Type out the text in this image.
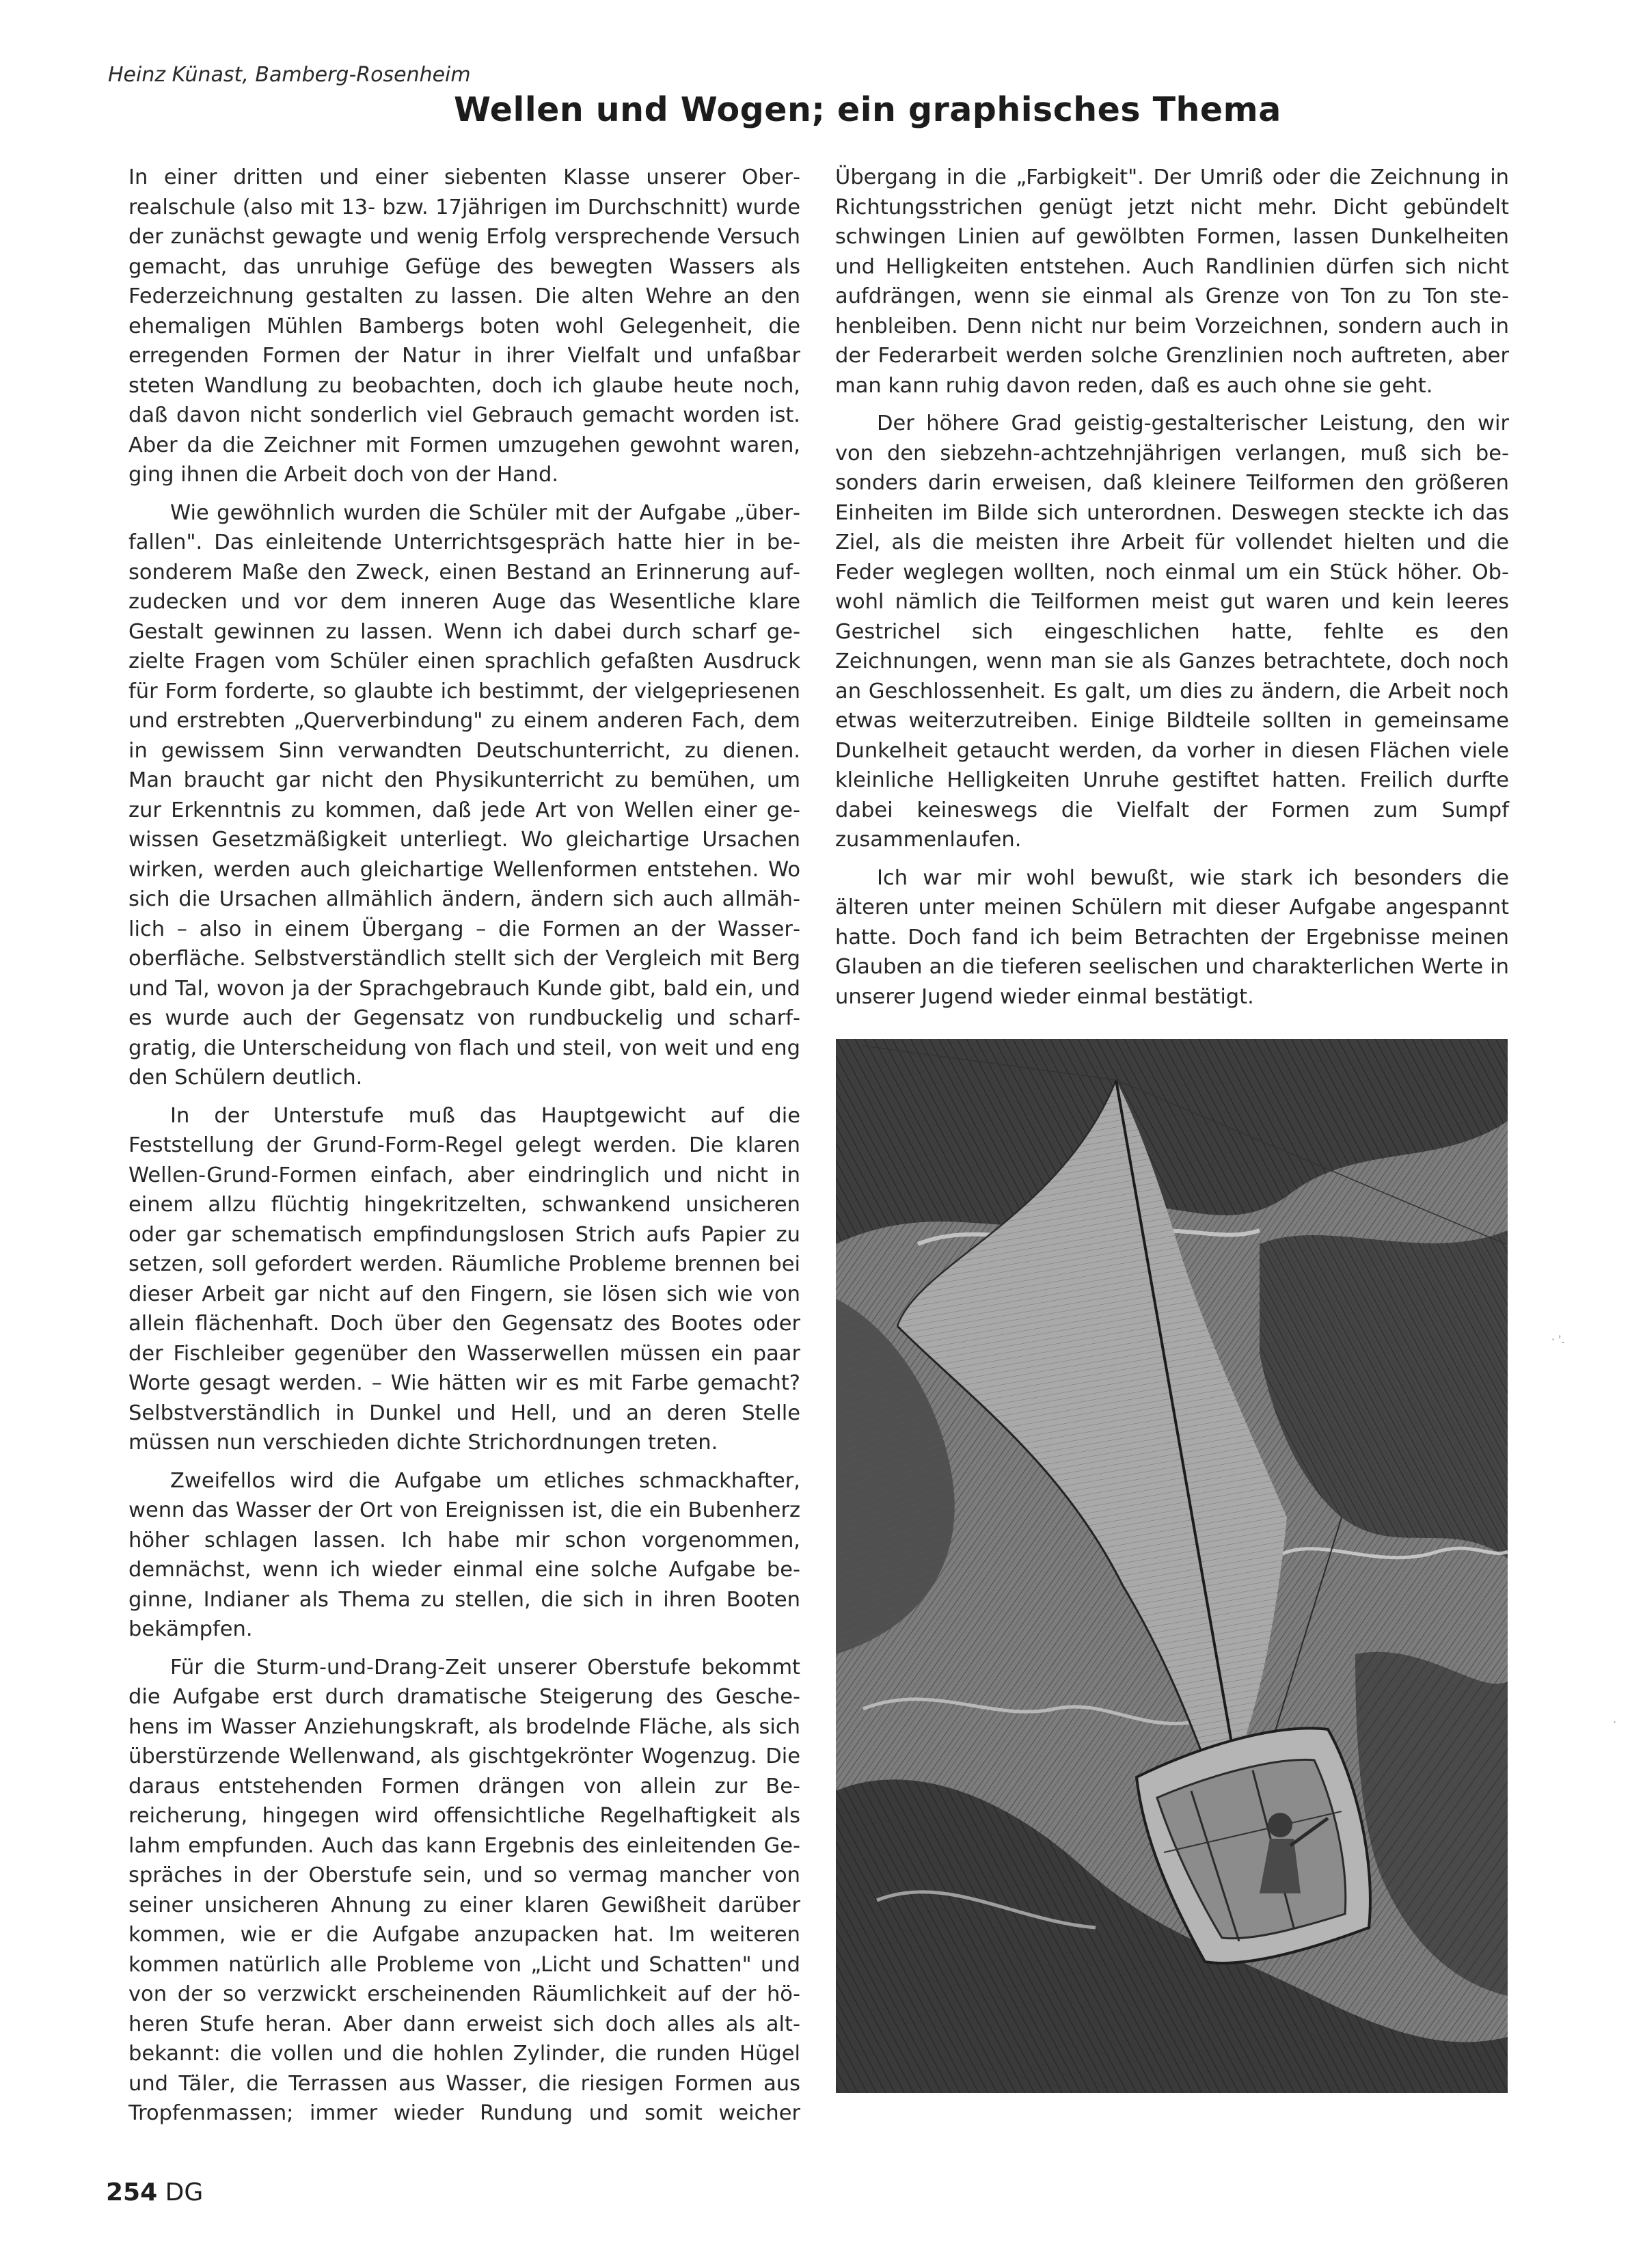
Heinz Künast, Bamberg-Rosenheim
Wellen und Wogen; ein graphisches Thema

In einer dritten und einer siebenten Klasse unserer Oberrealschule (also mit 13- bzw. 17jährigen im Durchschnitt) wurde der zunächst gewagte und wenig Erfolg versprechende Versuch gemacht, das unruhige Gefüge des bewegten Wassers als Federzeichnung gestalten zu lassen. Die alten Wehre an den ehemaligen Mühlen Bambergs boten wohl Gelegenheit, die erregenden Formen der Natur in ihrer Vielfalt und unfaßbar steten Wandlung zu beobachten, doch ich glaube heute noch, daß davon nicht sonderlich viel Gebrauch gemacht worden ist. Aber da die Zeichner mit Formen umzugehen gewohnt waren, ging ihnen die Arbeit doch von der Hand.

Wie gewöhnlich wurden die Schüler mit der Aufgabe „überfallen". Das einleitende Unterrichtsgespräch hatte hier in besonderem Maße den Zweck, einen Bestand an Erinnerung aufzudecken und vor dem inneren Auge das Wesentliche klare Gestalt gewinnen zu lassen. Wenn ich dabei durch scharf gezielte Fragen vom Schüler einen sprachlich gefaßten Ausdruck für Form forderte, so glaubte ich bestimmt, der vielgepriesenen und erstrebten „Querverbindung" zu einem anderen Fach, dem in gewissem Sinn verwandten Deutschunterricht, zu dienen. Man braucht gar nicht den Physikunterricht zu bemühen, um zur Erkenntnis zu kommen, daß jede Art von Wellen einer gewissen Gesetzmäßigkeit unterliegt. Wo gleichartige Ursachen wirken, werden auch gleichartige Wellenformen entstehen. Wo sich die Ursachen allmählich ändern, ändern sich auch allmählich – also in einem Übergang – die Formen an der Wasseroberfläche. Selbstverständlich stellt sich der Vergleich mit Berg und Tal, wovon ja der Sprachgebrauch Kunde gibt, bald ein, und es wurde auch der Gegensatz von rundbuckelig und scharfgratig, die Unterscheidung von flach und steil, von weit und eng den Schülern deutlich.

In der Unterstufe muß das Hauptgewicht auf die Feststellung der Grund-Form-Regel gelegt werden. Die klaren Wellen-Grund-Formen einfach, aber eindringlich und nicht in einem allzu flüchtig hingekritzelten, schwankend unsicheren oder gar schematisch empfindungslosen Strich aufs Papier zu setzen, soll gefordert werden. Räumliche Probleme brennen bei dieser Arbeit gar nicht auf den Fingern, sie lösen sich wie von allein flächenhaft. Doch über den Gegensatz des Bootes oder der Fischleiber gegenüber den Wasserwellen müssen ein paar Worte gesagt werden. – Wie hätten wir es mit Farbe gemacht? Selbstverständlich in Dunkel und Hell, und an deren Stelle müssen nun verschieden dichte Strichordnungen treten.

Zweifellos wird die Aufgabe um etliches schmackhafter, wenn das Wasser der Ort von Ereignissen ist, die ein Bubenherz höher schlagen lassen. Ich habe mir schon vorgenommen, demnächst, wenn ich wieder einmal eine solche Aufgabe beginne, Indianer als Thema zu stellen, die sich in ihren Booten bekämpfen.

Für die Sturm-und-Drang-Zeit unserer Oberstufe bekommt die Aufgabe erst durch dramatische Steigerung des Geschehens im Wasser Anziehungskraft, als brodelnde Fläche, als sich überstürzende Wellenwand, als gischtgekrönter Wogenzug. Die daraus entstehenden Formen drängen von allein zur Bereicherung, hingegen wird offensichtliche Regelhaftigkeit als lahm empfunden. Auch das kann Ergebnis des einleitenden Gespräches in der Oberstufe sein, und so vermag mancher von seiner unsicheren Ahnung zu einer klaren Gewißheit darüber kommen, wie er die Aufgabe anzupacken hat. Im weiteren kommen natürlich alle Probleme von „Licht und Schatten" und von der so verzwickt erscheinenden Räumlichkeit auf der höheren Stufe heran. Aber dann erweist sich doch alles als altbekannt: die vollen und die hohlen Zylinder, die runden Hügel und Täler, die Terrassen aus Wasser, die riesigen Formen aus Tropfenmassen; immer wieder Rundung und somit weicher

Übergang in die „Farbigkeit". Der Umriß oder die Zeichnung in Richtungsstrichen genügt jetzt nicht mehr. Dicht gebündelt schwingen Linien auf gewölbten Formen, lassen Dunkelheiten und Helligkeiten entstehen. Auch Randlinien dürfen sich nicht aufdrängen, wenn sie einmal als Grenze von Ton zu Ton stehenbleiben. Denn nicht nur beim Vorzeichnen, sondern auch in der Federarbeit werden solche Grenzlinien noch auftreten, aber man kann ruhig davon reden, daß es auch ohne sie geht.

Der höhere Grad geistig-gestalterischer Leistung, den wir von den siebzehn-achtzehnjährigen verlangen, muß sich besonders darin erweisen, daß kleinere Teilformen den größeren Einheiten im Bilde sich unterordnen. Deswegen steckte ich das Ziel, als die meisten ihre Arbeit für vollendet hielten und die Feder weglegen wollten, noch einmal um ein Stück höher. Obwohl nämlich die Teilformen meist gut waren und kein leeres Gestrichel sich eingeschlichen hatte, fehlte es den Zeichnungen, wenn man sie als Ganzes betrachtete, doch noch an Geschlossenheit. Es galt, um dies zu ändern, die Arbeit noch etwas weiterzutreiben. Einige Bildteile sollten in gemeinsame Dunkelheit getaucht werden, da vorher in diesen Flächen viele kleinliche Helligkeiten Unruhe gestiftet hatten. Freilich durfte dabei keineswegs die Vielfalt der Formen zum Sumpf zusammenlaufen.

Ich war mir wohl bewußt, wie stark ich besonders die älteren unter meinen Schülern mit dieser Aufgabe angespannt hatte. Doch fand ich beim Betrachten der Ergebnisse meinen Glauben an die tieferen seelischen und charakterlichen Werte in unserer Jugend wieder einmal bestätigt.

· '.
·
254 DG
